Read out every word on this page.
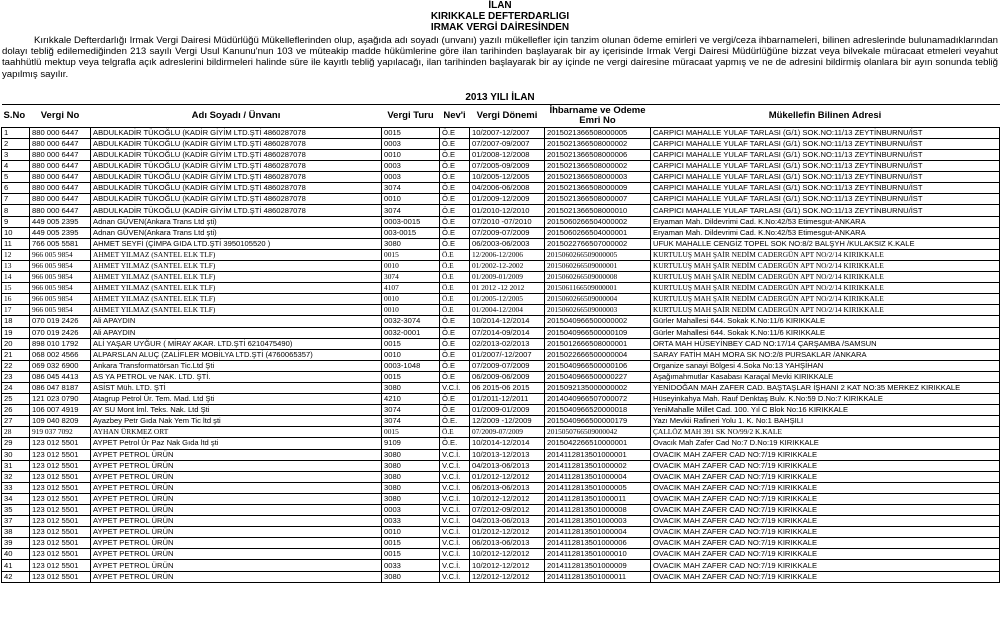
İLAN
KIRIKKALE DEFTERDARLIGI
IRMAK VERGİ DAİRESİNDEN

Kırıkkale Defterdarlığı Irmak Vergi Dairesi Müdürlüğü Mükelleflerinden olup, aşağıda adı soyadı (unvanı) yazılı mükellefler için tanzim olunan ödeme emirleri ve vergi/ceza ihbarnameleri, bilinen adreslerinde bulunamadıklarından dolayı tebliğ edilemediğinden 213 sayılı Vergi Usul Kanunu'nun 103 ve müteakip madde hükümlerine göre ilan tarihinden başlayarak bir ay içerisinde Irmak Vergi Dairesi Müdürlüğüne bizzat veya bilvekale müracaat etmeleri veyahut taahhütlü mektup veya telgrafla açık adreslerini bildirmeleri halinde süre ile kayıtlı tebliğ yapılacağı, ilan tarihinden başlayarak bir ay içinde ne vergi dairesine müracaat yapmış ve ne de adresini bildirmiş olanlara bir ayın sonunda tebliğ yapılmış sayılır.

2013 YILI İLAN
S.No	Vergi No	Adı Soyadı / Ünvanı	Vergi Turu	Nev'i	Vergi Dönemi	İhbarname ve Odeme Emri No	Mükellefin Bilinen Adresi
1	880 000 6447	ABDULKADİR TÜKOĞLU (KADİR GİYİM LTD.ŞTİ 4860287078	0015	Ö.E	10/2007-12/2007	2015021366508000005	CARPICI MAHALLE YULAF TARLASI (G/1) SOK.NO:11/13 ZEYTİNBURNU/İST
2	880 000 6447	ABDULKADİR TÜKOĞLU (KADİR GİYİM LTD.ŞTİ 4860287078	0003	Ö.E	07/2007-09/2007	2015021366508000002	CARPICI MAHALLE YULAF TARLASI (G/1) SOK.NO:11/13 ZEYTİNBURNU/İST
3	880 000 6447	ABDULKADİR TÜKOĞLU (KADİR GİYİM LTD.ŞTİ 4860287078	0010	Ö.E	01/2008-12/2008	2015021366508000006	CARPICI MAHALLE YULAF TARLASI (G/1) SOK.NO:11/13 ZEYTİNBURNU/İST
4	880 000 6447	ABDULKADİR TÜKOĞLU (KADİR GİYİM LTD.ŞTİ 4860287078	0003	Ö.E	07/2005-09/2009	2015021366508000002	CARPICI MAHALLE YULAF TARLASI (G/1) SOK.NO:11/13 ZEYTİNBURNU/İST
5	880 000 6447	ABDULKADİR TÜKOĞLU (KADİR GİYİM LTD.ŞTİ 4860287078	0003	Ö.E	10/2005-12/2005	2015021366508000003	CARPICI MAHALLE YULAF TARLASI (G/1) SOK.NO:11/13 ZEYTİNBURNU/İST
6	880 000 6447	ABDULKADİR TÜKOĞLU (KADİR GİYİM LTD.ŞTİ 4860287078	3074	Ö.E	04/2006-06/2008	2015021366508000009	CARPICI MAHALLE YULAF TARLASI (G/1) SOK.NO:11/13 ZEYTİNBURNU/İST
7	880 000 6447	ABDULKADİR TÜKOĞLU (KADİR GİYİM LTD.ŞTİ 4860287078	0010	Ö.E	01/2009-12/2009	2015021366508000007	CARPICI MAHALLE YULAF TARLASI (G/1) SOK.NO:11/13 ZEYTİNBURNU/İST
8	880 000 6447	ABDULKADİR TÜKOĞLU (KADİR GİYİM LTD.ŞTİ 4860287078	3074	Ö.E	01/2010-12/2010	2015021366508000010	CARPICI MAHALLE YULAF TARLASI (G/1) SOK.NO:11/13 ZEYTİNBURNU/İST
9	449 005 2395	Adnan GÜVEN(Ankara Trans Ltd şti)	0003-0015	Ö.E	07/2010 -07/2010	2015060266504000002	Eryaman Mah. Dildevrimi Cad. K.No:42/53 Etimesgut-ANKARA
10	449 005 2395	Adnan GÜVEN(Ankara Trans Ltd şti)	003-0015	Ö.E	07/2009-07/2009	2015060266504000001	Eryaman Mah. Dildevrimi Cad. K.No:42/53 Etimesgut-ANKARA
11	766 005 5581	AHMET SEYFİ (ÇİMPA GIDA LTD.ŞTİ 3950105520 )	3080	Ö.E	06/2003-06/2003	2015022766507000002	UFUK MAHALLE CENGİZ TOPEL SOK NO:8/2 BALŞYH /KULAKSIZ K.KALE
12	966 005 9854	AHMET YILMAZ (SANTEL ELK TLF)	0015	Ö.E	12/2006-12/2006	2015060266509000005	KURTULUŞ MAH ŞAİR NEDİM CADERGÜN APT NO/2/14 KIRIKKALE
13	966 005 9854	AHMET YILMAZ (SANTEL ELK TLF)	0010	Ö.E	01/2002-12-2002	2015060266509000001	KURTULUŞ MAH ŞAİR NEDİM CADERGÜN APT NO/2/14 KIRIKKALE
14	966 005 9854	AHMET YILMAZ (SANTEL ELK TLF)	3074	Ö.E	01/2009-01/2009	2015060266509000008	KURTULUŞ MAH ŞAİR NEDİM CADERGÜN APT NO/2/14 KIRIKKALE
15	966 005 9854	AHMET YILMAZ (SANTEL ELK TLF)	4107	Ö.E	01 2012 -12 2012	2015061166509000001	KURTULUŞ MAH ŞAİR NEDİM CADERGÜN APT NO/2/14 KIRIKKALE
16	966 005 9854	AHMET YILMAZ (SANTEL ELK TLF)	0010	Ö.E	01/2005-12/2005	2015060266509000004	KURTULUŞ MAH ŞAİR NEDİM CADERGÜN APT NO/2/14 KIRIKKALE
17	966 005 9854	AHMET YILMAZ (SANTEL ELK TLF)	0010	Ö.E	01/2004-12/2004	2015060266509000003	KURTULUŞ MAH ŞAİR NEDİM CADERGÜN APT NO/2/14 KIRIKKALE
18	070 019 2426	Ali APAYDIN	0032-3074	Ö.E	10/2014-12/2014	2015040966500000002	Gürler Mahallesi 644. Sokak K.No:11/6 KIRIKKALE
19	070 019 2426	Ali APAYDIN	0032-0001	Ö.E	07/2014-09/2014	2015040966500000109	Gürler Mahallesi 644. Sokak K.No:11/6 KIRIKKALE
20	898 010 1792	ALİ YAŞAR UYĞUR ( MİRAY AKAR. LTD.ŞTİ 6210475490)	0015	Ö.E	02/2013-02/2013	2015012666508000001	ORTA MAH HÜSEYİNBEY CAD NO:17/14 ÇARŞAMBA /SAMSUN
21	068 002 4566	ALPARSLAN ALUÇ (ZALİFLER MOBİLYA LTD.ŞTİ (4760065357)	0010	Ö.E	01/2007/-12/2007	2015022666500000004	SARAY FATİH MAH MORA SK NO:2/8 PURSAKLAR /ANKARA
22	069 032 6900	Ankara Transformatörsan Tic.Ltd Şti	0003-1048	Ö.E	07/2009-07/2009	2015040966500000106	Organize sanayi Bölgesi 4.Soka No:13 YAHŞİHAN
23	086 045 4413	AS YA PETROL ve NAK. LTD. ŞTİ.	0015	Ö.E	06/2009-06/2009	2015040966500000227	Aşağımahmutlar Kasabası Karaçal Mevki KIRIKKALE
24	086 047 8187	ASİST Müh. LTD. ŞTİ	3080	V.C.İ.	06 2015-06 2015	2015092135000000002	YENİDOĞAN MAH ZAFER CAD. BAŞTAŞLAR İŞHANI 2 KAT NO:35 MERKEZ KIRIKKALE
25	121 023 0790	Atagrup Petrol Ür. Tem. Mad. Ltd Şti	4210	Ö.E	01/2011-12/2011	2014040966507000072	Hüseyinkahya Mah. Rauf Denktaş Bulv. K.No:59 D.No:7 KIRIKKALE
26	106 007 4919	AY SU Mont İml. Teks. Nak. Ltd Şti	3074	Ö.E	01/2009-01/2009	2015040966520000018	YeniMahalle Millet Cad. 100. Yıl C Blok No:16 KIRIKKALE
27	109 040 8209	Ayazbey Petr Gıda Nak Yem Tic ltd şti	3074	Ö.E.	12/2009 -12/2009	2015040966500000179	Yazı Mevkii Rafineri Yolu 1. K. No:1 BAHŞILI
28	919 037 7092	AYHAN ÜRKMEZ ORT	0015	Ö.E	07/2009-07/2009	2015050766509000042	ÇALLÖZ MAH 391 SK NO/99/2 K.KALE
29	123 012 5501	AYPET Petrol Ür Paz Nak Gıda ltd şti	9109	Ö.E.	10/2014-12/2014	2015042266510000001	Ovacık Mah Zafer Cad No:7 D.No:19 KIRIKKALE
30	123 012 5501	AYPET PETROL ÜRÜN	3080	V.C.İ.	10/2013-12/2013	2014112813501000001	OVACIK MAH ZAFER CAD NO:7/19 KIRIKKALE
31	123 012 5501	AYPET PETROL ÜRÜN	3080	V.C.İ.	04/2013-06/2013	2014112813501000002	OVACIK MAH ZAFER CAD NO:7/19 KIRIKKALE
32	123 012 5501	AYPET PETROL ÜRÜN	3080	V.C.İ.	01/2012-12/2012	2014112813501000004	OVACIK MAH ZAFER CAD NO:7/19 KIRIKKALE
33	123 012 5501	AYPET PETROL ÜRÜN	3080	V.C.İ.	06/2013-06/2013	2014112813501000005	OVACIK MAH ZAFER CAD NO:7/19 KIRIKKALE
34	123 012 5501	AYPET PETROL ÜRÜN	3080	V.C.İ.	10/2012-12/2012	2014112813501000011	OVACIK MAH ZAFER CAD NO:7/19 KIRIKKALE
35	123 012 5501	AYPET PETROL ÜRÜN	0003	V.C.İ.	07/2012-09/2012	2014112813501000008	OVACIK MAH ZAFER CAD NO:7/19 KIRIKKALE
37	123 012 5501	AYPET PETROL ÜRÜN	0033	V.C.İ.	04/2013-06/2013	2014112813501000003	OVACIK MAH ZAFER CAD NO:7/19 KIRIKKALE
38	123 012 5501	AYPET PETROL ÜRÜN	0010	V.C.İ.	01/2012-12/2012	2014112813501000004	OVACIK MAH ZAFER CAD NO:7/19 KIRIKKALE
39	123 012 5501	AYPET PETROL ÜRÜN	0015	V.C.İ.	06/2013-06/2013	2014112813501000006	OVACIK MAH ZAFER CAD NO:7/19 KIRIKKALE
40	123 012 5501	AYPET PETROL ÜRÜN	0015	V.C.İ.	10/2012-12/2012	2014112813501000010	OVACIK MAH ZAFER CAD NO:7/19 KIRIKKALE
41	123 012 5501	AYPET PETROL ÜRÜN	0033	V.C.İ.	10/2012-12/2012	2014112813501000009	OVACIK MAH ZAFER CAD NO:7/19 KIRIKKALE
42	123 012 5501	AYPET PETROL ÜRÜN	3080	V.C.İ.	12/2012-12/2012	2014112813501000011	OVACIK MAH ZAFER CAD NO:7/19 KIRIKKALE
